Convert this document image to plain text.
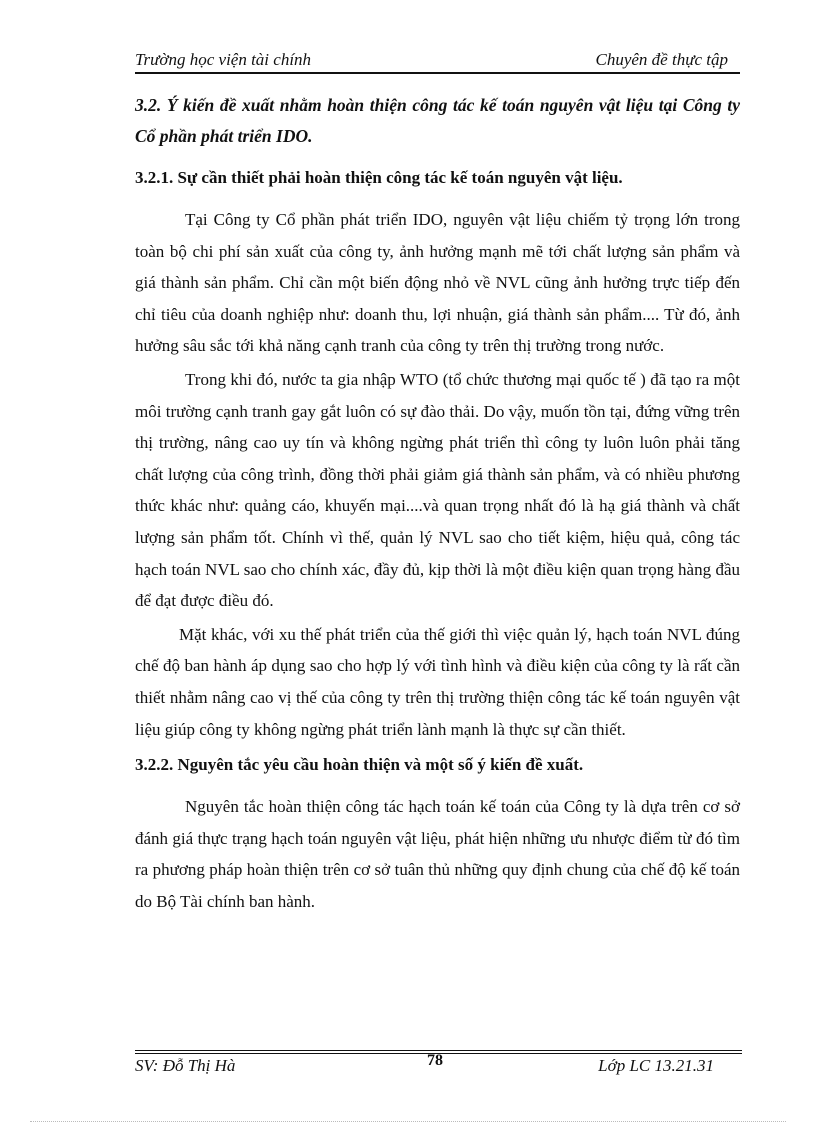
Trường học viện tài chính	Chuyên đề thực tập

3.2. Ý kiến đề xuất nhằm hoàn thiện công tác kế toán nguyên vật liệu tại Công ty Cổ phần phát triển IDO.

3.2.1. Sự cần thiết phải hoàn thiện công tác kế toán nguyên vật liệu.

Tại Công ty Cổ phần phát triển IDO, nguyên vật liệu chiếm tỷ trọng lớn trong toàn bộ chi phí sản xuất của công ty, ảnh hưởng mạnh mẽ tới chất lượng sản phẩm và giá thành sản phẩm. Chỉ cần một biến động nhỏ về NVL cũng ảnh hưởng trực tiếp đến chỉ tiêu của doanh nghiệp như: doanh thu, lợi nhuận, giá thành sản phẩm.... Từ đó, ảnh hưởng sâu sắc tới khả năng cạnh tranh của công ty trên thị trường trong nước.

Trong khi đó, nước ta gia nhập WTO (tổ chức thương mại quốc tế ) đã tạo ra một môi trường cạnh tranh gay gắt luôn có sự đào thải. Do vậy, muốn tồn tại, đứng vững trên thị trường, nâng cao uy tín và không ngừng phát triển thì công ty luôn luôn phải tăng chất lượng của công trình, đồng thời phải giảm giá thành sản phẩm, và có nhiều phương thức khác như: quảng cáo, khuyến mại....và quan trọng nhất đó là hạ giá thành và chất lượng sản phẩm tốt. Chính vì thế, quản lý NVL sao cho tiết kiệm, hiệu quả, công tác hạch toán NVL sao cho chính xác, đầy đủ, kịp thời là một điều kiện quan trọng hàng đầu để đạt được điều đó.

Mặt khác, với xu thế phát triển của thế giới thì việc quản lý, hạch toán NVL đúng chế độ ban hành áp dụng sao cho hợp lý với tình hình và điều kiện của công ty là rất cần thiết nhằm nâng cao vị thế của công ty trên thị trường thiện công tác kế toán nguyên vật liệu giúp công ty không ngừng phát triển lành mạnh là thực sự cần thiết.

3.2.2. Nguyên tắc yêu cầu hoàn thiện và một số ý kiến đề xuất.

Nguyên tắc hoàn thiện công tác hạch toán kế toán của Công ty là dựa trên cơ sở đánh giá thực trạng hạch toán nguyên vật liệu, phát hiện những ưu nhược điểm từ đó tìm ra phương pháp hoàn thiện trên cơ sở tuân thủ những quy định chung của chế độ kế toán do Bộ Tài chính ban hành.

SV: Đỗ Thị Hà	78	Lớp LC 13.21.31
